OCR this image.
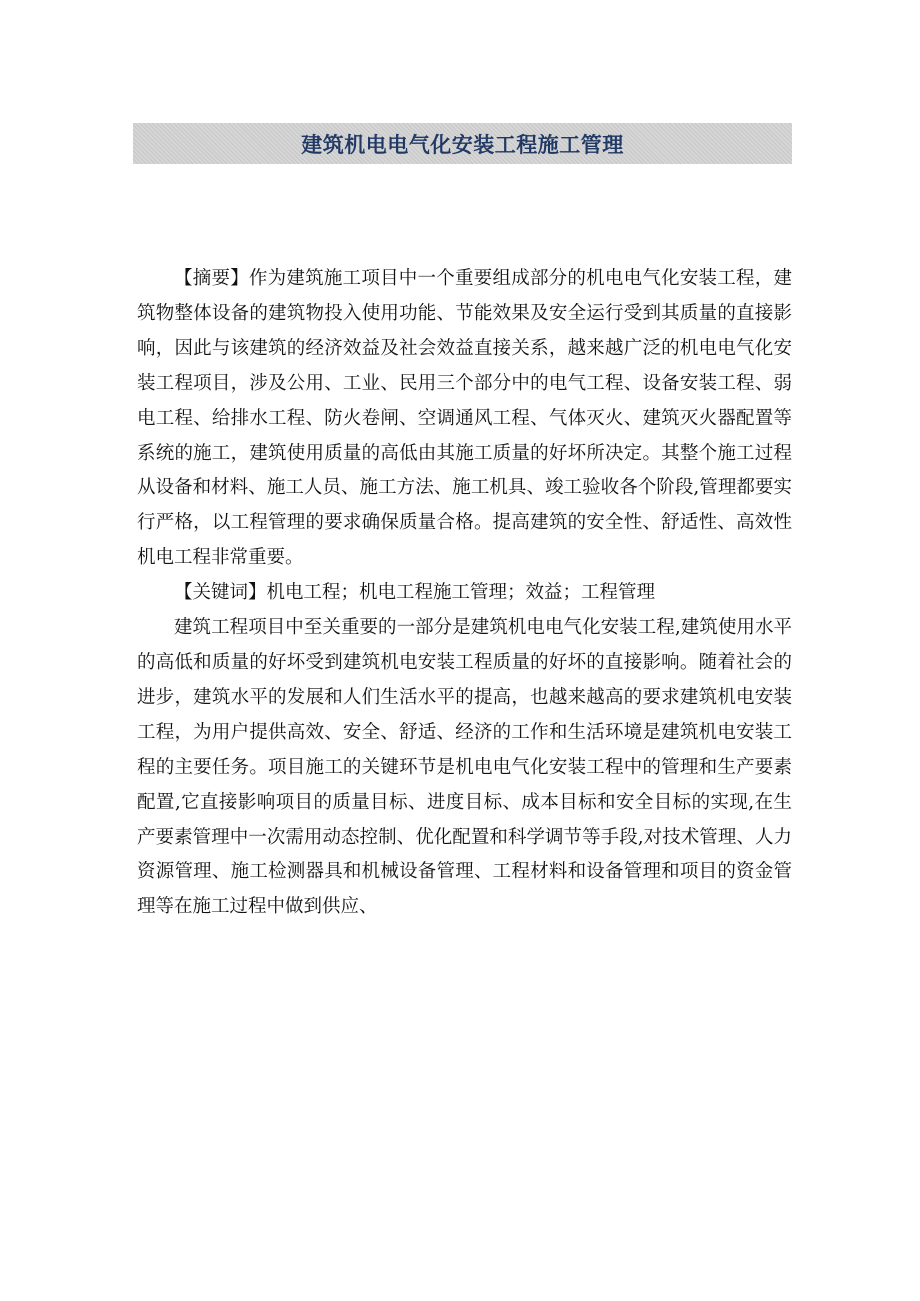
建筑机电电气化安装工程施工管理

【摘要】作为建筑施工项目中一个重要组成部分的机电电气化安装工程，建筑物整体设备的建筑物投入使用功能、节能效果及安全运行受到其质量的直接影响，因此与该建筑的经济效益及社会效益直接关系，越来越广泛的机电电气化安装工程项目，涉及公用、工业、民用三个部分中的电气工程、设备安装工程、弱电工程、给排水工程、防火卷闸、空调通风工程、气体灭火、建筑灭火器配置等系统的施工，建筑使用质量的高低由其施工质量的好坏所决定。其整个施工过程从设备和材料、施工人员、施工方法、施工机具、竣工验收各个阶段,管理都要实行严格，以工程管理的要求确保质量合格。提高建筑的安全性、舒适性、高效性机电工程非常重要。

【关键词】机电工程；机电工程施工管理；效益；工程管理

建筑工程项目中至关重要的一部分是建筑机电电气化安装工程,建筑使用水平的高低和质量的好坏受到建筑机电安装工程质量的好坏的直接影响。随着社会的进步，建筑水平的发展和人们生活水平的提高，也越来越高的要求建筑机电安装工程，为用户提供高效、安全、舒适、经济的工作和生活环境是建筑机电安装工程的主要任务。项目施工的关键环节是机电电气化安装工程中的管理和生产要素配置,它直接影响项目的质量目标、进度目标、成本目标和安全目标的实现,在生产要素管理中一次需用动态控制、优化配置和科学调节等手段,对技术管理、人力资源管理、施工检测器具和机械设备管理、工程材料和设备管理和项目的资金管理等在施工过程中做到供应、
